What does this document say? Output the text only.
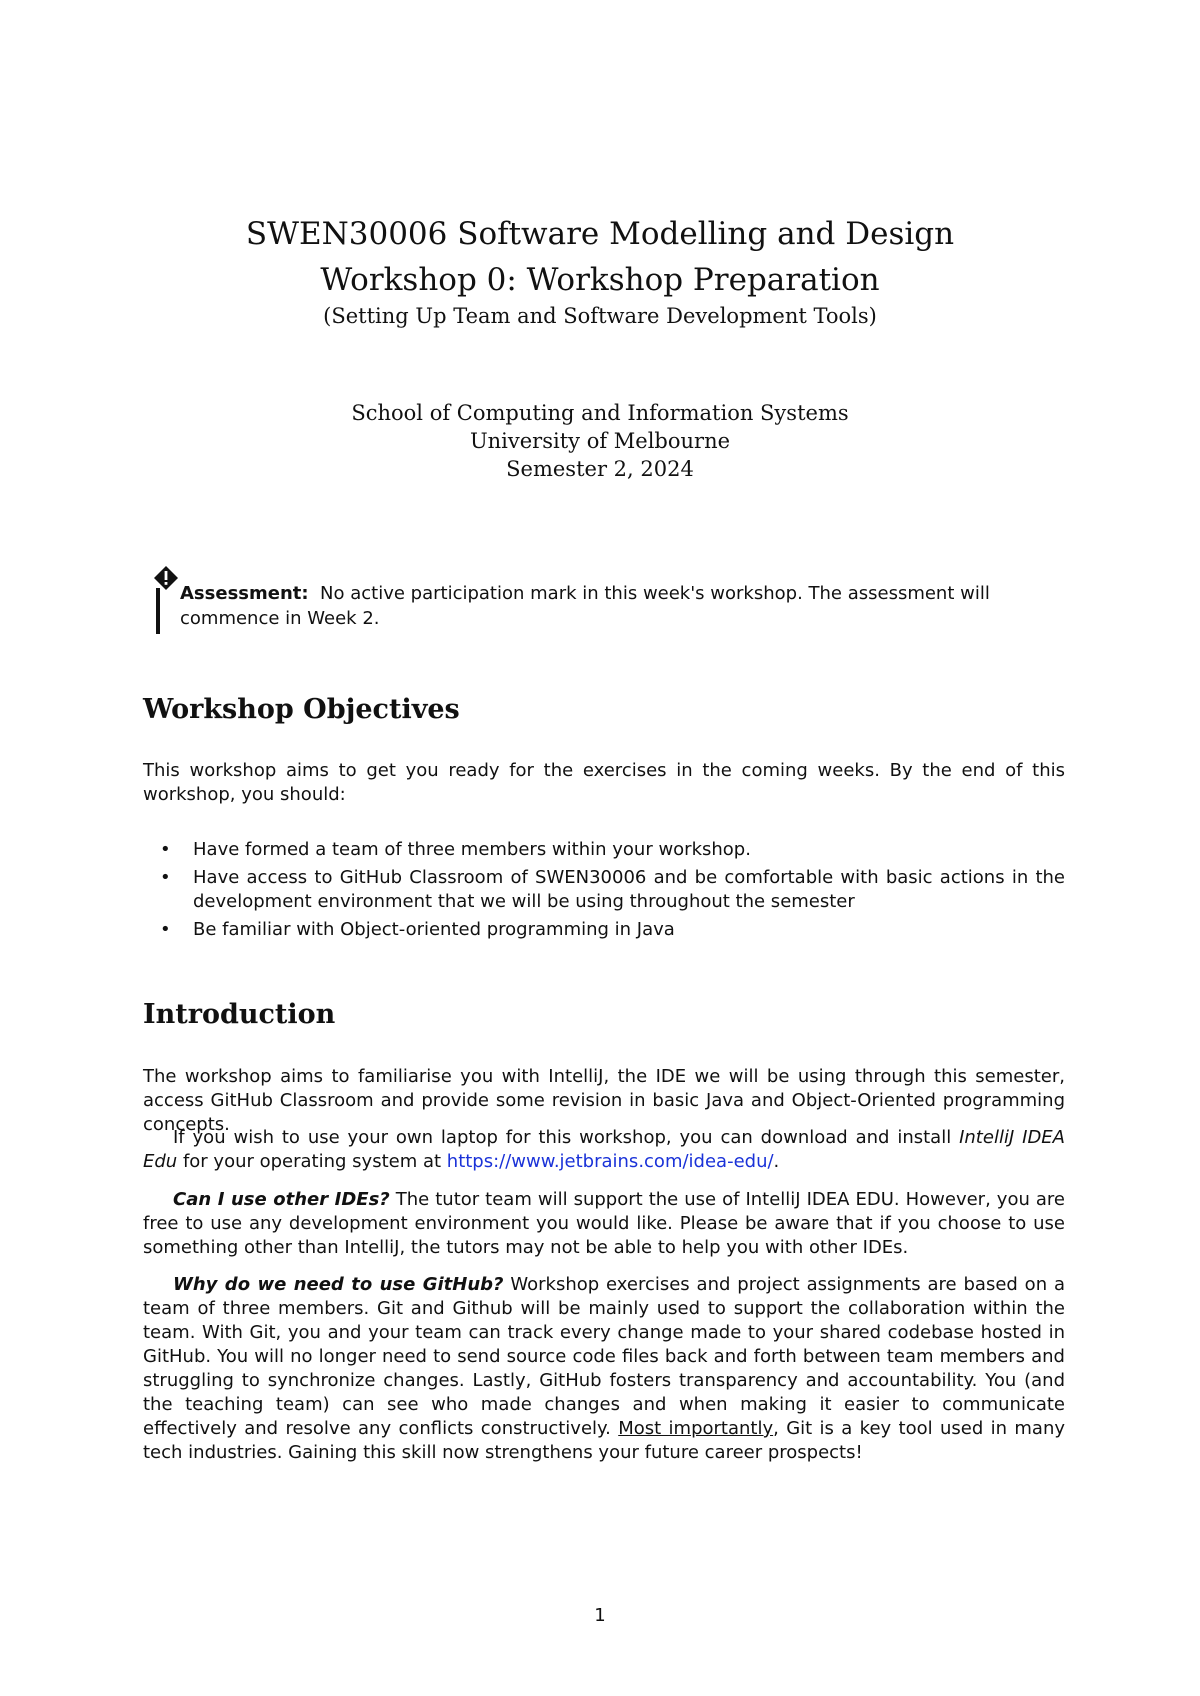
SWEN30006 Software Modelling and Design
Workshop 0: Workshop Preparation
(Setting Up Team and Software Development Tools)
School of Computing and Information Systems
University of Melbourne
Semester 2, 2024
Assessment: No active participation mark in this week's workshop. The assessment will commence in Week 2.
Workshop Objectives
This workshop aims to get you ready for the exercises in the coming weeks. By the end of this workshop, you should:
• Have formed a team of three members within your workshop.
• Have access to GitHub Classroom of SWEN30006 and be comfortable with basic actions in the development environment that we will be using throughout the semester
• Be familiar with Object-oriented programming in Java
Introduction
The workshop aims to familiarise you with IntelliJ, the IDE we will be using through this semester, access GitHub Classroom and provide some revision in basic Java and Object-Oriented programming concepts.
If you wish to use your own laptop for this workshop, you can download and install IntelliJ IDEA Edu for your operating system at https://www.jetbrains.com/idea-edu/.
Can I use other IDEs? The tutor team will support the use of IntelliJ IDEA EDU. However, you are free to use any development environment you would like. Please be aware that if you choose to use something other than IntelliJ, the tutors may not be able to help you with other IDEs.
Why do we need to use GitHub? Workshop exercises and project assignments are based on a team of three members. Git and Github will be mainly used to support the collaboration within the team. With Git, you and your team can track every change made to your shared codebase hosted in GitHub. You will no longer need to send source code files back and forth between team members and struggling to synchronize changes. Lastly, GitHub fosters transparency and accountability. You (and the teaching team) can see who made changes and when making it easier to communicate effectively and resolve any conflicts constructively. Most importantly, Git is a key tool used in many tech industries. Gaining this skill now strengthens your future career prospects!
1
